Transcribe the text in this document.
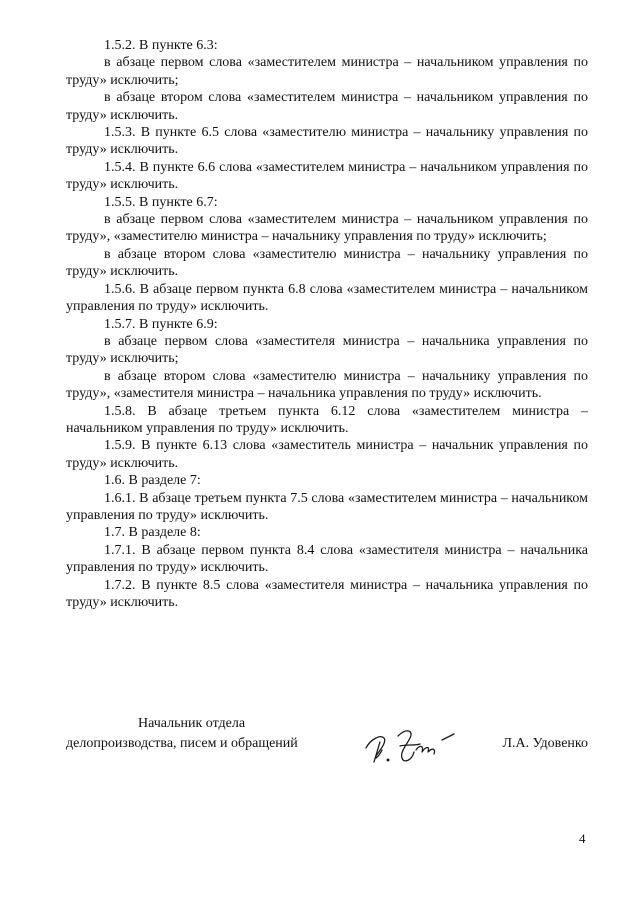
1.5.2. В пункте 6.3:

в абзаце первом слова «заместителем министра – начальником управления по труду» исключить;

в абзаце втором слова «заместителем министра – начальником управления по труду» исключить.

1.5.3. В пункте 6.5 слова «заместителю министра – начальнику управления по труду» исключить.

1.5.4. В пункте 6.6 слова «заместителем министра – начальником управления по труду» исключить.

1.5.5. В пункте 6.7:

в абзаце первом слова «заместителем министра – начальником управления по труду», «заместителю министра – начальнику управления по труду» исключить;

в абзаце втором слова «заместителю министра – начальнику управления по труду» исключить.

1.5.6. В абзаце первом пункта 6.8 слова «заместителем министра – начальником управления по труду» исключить.

1.5.7. В пункте 6.9:

в абзаце первом слова «заместителя министра – начальника управления по труду» исключить;

в абзаце втором слова «заместителю министра – начальнику управления по труду», «заместителя министра – начальника управления по труду» исключить.

1.5.8. В абзаце третьем пункта 6.12 слова «заместителем министра – начальником управления по труду» исключить.

1.5.9. В пункте 6.13 слова «заместитель министра – начальник управления по труду» исключить.

1.6. В разделе 7:

1.6.1. В абзаце третьем пункта 7.5 слова «заместителем министра – начальником управления по труду» исключить.

1.7. В разделе 8:

1.7.1. В абзаце первом пункта 8.4 слова «заместителя министра – начальника управления по труду» исключить.

1.7.2. В пункте 8.5 слова «заместителя министра – начальника управления по труду» исключить.

Начальник отдела
делопроизводства, писем и обращений	Л.А. Удовенко
4
